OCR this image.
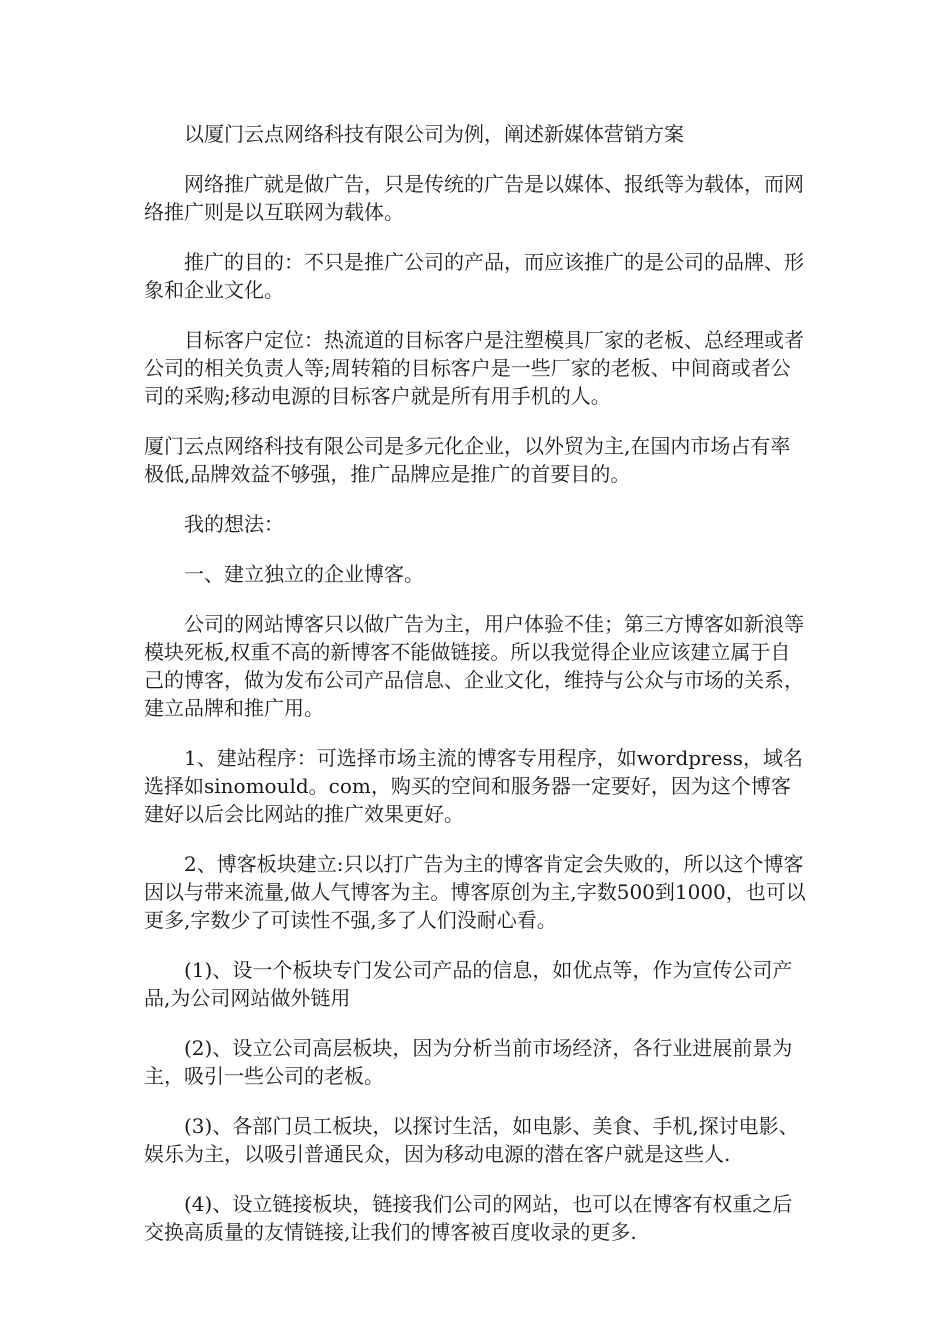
以厦门云点网络科技有限公司为例，阐述新媒体营销方案

网络推广就是做广告，只是传统的广告是以媒体、报纸等为载体，而网络推广则是以互联网为载体。

推广的目的：不只是推广公司的产品，而应该推广的是公司的品牌、形象和企业文化。

目标客户定位：热流道的目标客户是注塑模具厂家的老板、总经理或者公司的相关负责人等;周转箱的目标客户是一些厂家的老板、中间商或者公司的采购;移动电源的目标客户就是所有用手机的人。

厦门云点网络科技有限公司是多元化企业，以外贸为主,在国内市场占有率极低,品牌效益不够强，推广品牌应是推广的首要目的。

我的想法：

一、建立独立的企业博客。

公司的网站博客只以做广告为主，用户体验不佳；第三方博客如新浪等模块死板,权重不高的新博客不能做链接。所以我觉得企业应该建立属于自己的博客，做为发布公司产品信息、企业文化，维持与公众与市场的关系，建立品牌和推广用。

1、建站程序：可选择市场主流的博客专用程序，如wordpress，域名选择如sinomould。com，购买的空间和服务器一定要好，因为这个博客建好以后会比网站的推广效果更好。

2、博客板块建立:只以打广告为主的博客肯定会失败的，所以这个博客因以与带来流量,做人气博客为主。博客原创为主,字数500到1000，也可以更多,字数少了可读性不强,多了人们没耐心看。

(1)、设一个板块专门发公司产品的信息，如优点等，作为宣传公司产品,为公司网站做外链用

(2)、设立公司高层板块，因为分析当前市场经济，各行业进展前景为主，吸引一些公司的老板。

(3)、各部门员工板块，以探讨生活，如电影、美食、手机,探讨电影、娱乐为主，以吸引普通民众，因为移动电源的潜在客户就是这些人.

(4)、设立链接板块，链接我们公司的网站，也可以在博客有权重之后交换高质量的友情链接,让我们的博客被百度收录的更多.
